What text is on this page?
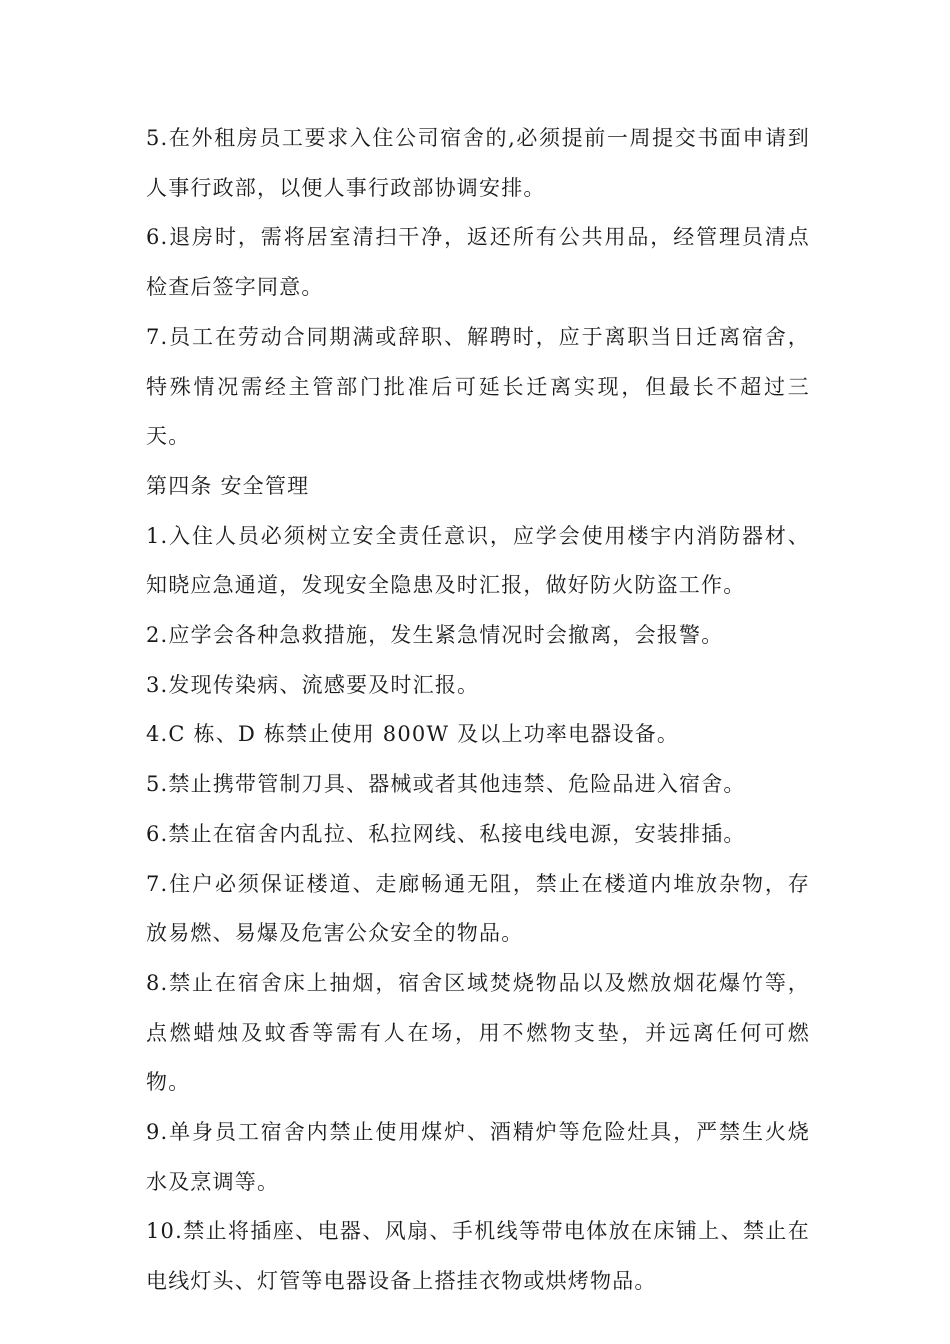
5.在外租房员工要求入住公司宿舍的,必须提前一周提交书面申请到人事行政部，以便人事行政部协调安排。

6.退房时，需将居室清扫干净，返还所有公共用品，经管理员清点检查后签字同意。

7.员工在劳动合同期满或辞职、解聘时，应于离职当日迁离宿舍，特殊情况需经主管部门批准后可延长迁离实现，但最长不超过三天。

第四条 安全管理

1.入住人员必须树立安全责任意识，应学会使用楼宇内消防器材、知晓应急通道，发现安全隐患及时汇报，做好防火防盗工作。

2.应学会各种急救措施，发生紧急情况时会撤离，会报警。

3.发现传染病、流感要及时汇报。

4.C 栋、D 栋禁止使用 800W 及以上功率电器设备。

5.禁止携带管制刀具、器械或者其他违禁、危险品进入宿舍。

6.禁止在宿舍内乱拉、私拉网线、私接电线电源，安装排插。

7.住户必须保证楼道、走廊畅通无阻，禁止在楼道内堆放杂物，存放易燃、易爆及危害公众安全的物品。

8.禁止在宿舍床上抽烟，宿舍区域焚烧物品以及燃放烟花爆竹等，点燃蜡烛及蚊香等需有人在场，用不燃物支垫，并远离任何可燃物。

9.单身员工宿舍内禁止使用煤炉、酒精炉等危险灶具，严禁生火烧水及烹调等。

10.禁止将插座、电器、风扇、手机线等带电体放在床铺上、禁止在电线灯头、灯管等电器设备上搭挂衣物或烘烤物品。
